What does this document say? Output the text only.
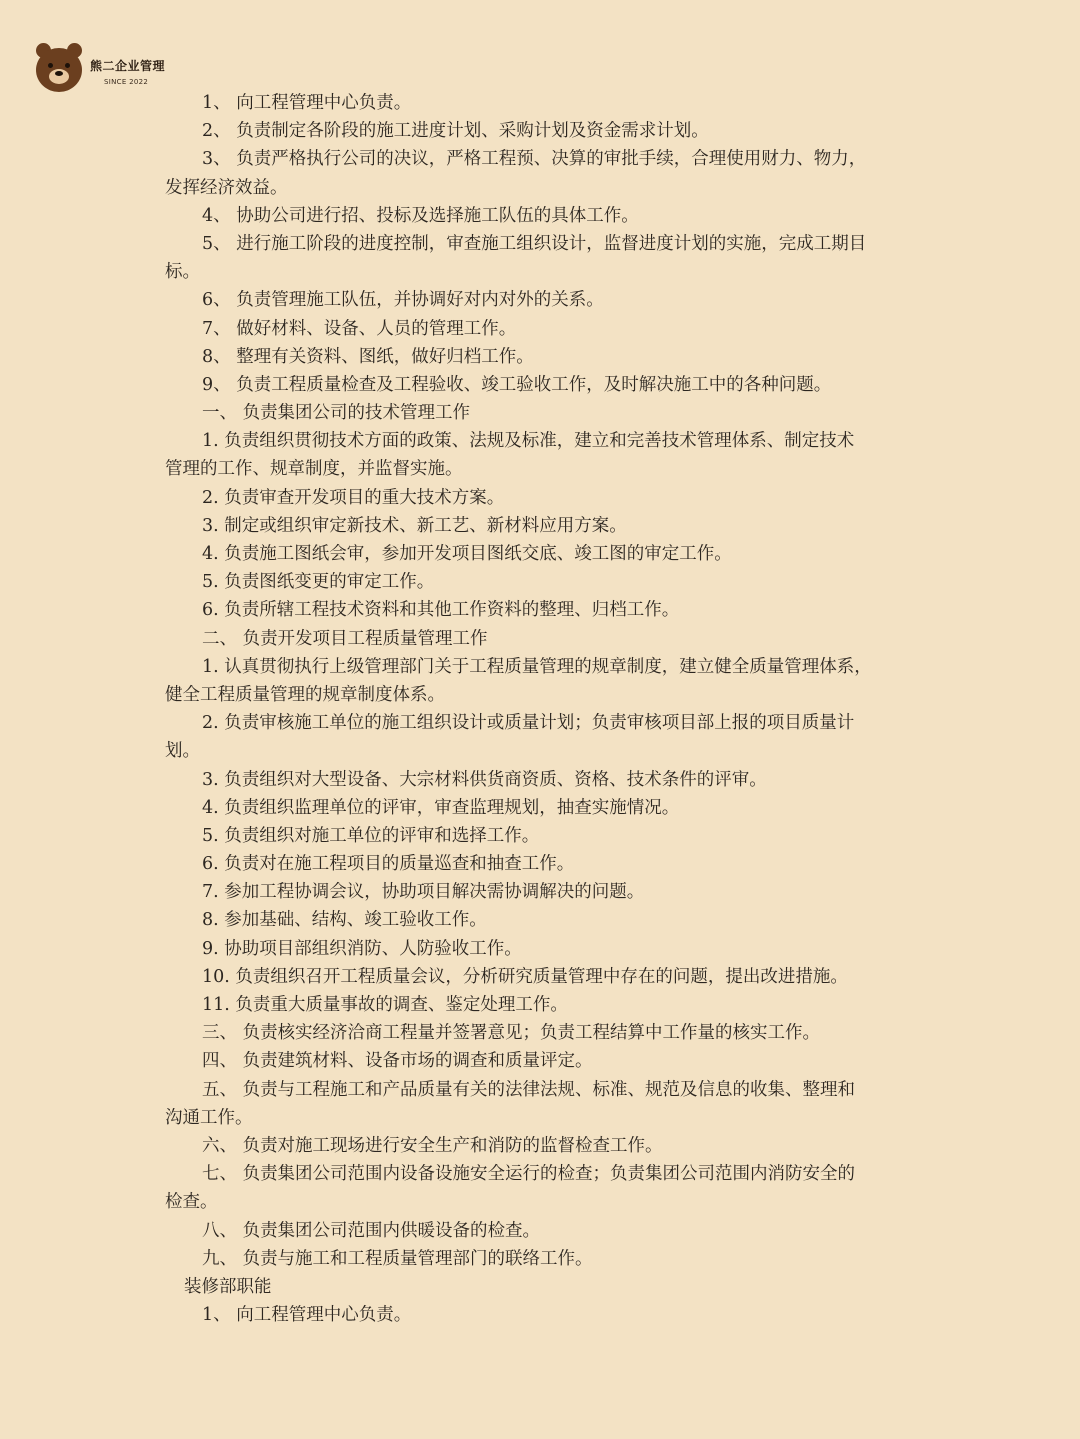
熊二企业管理
SINCE 2022
1、 向工程管理中心负责。
2、 负责制定各阶段的施工进度计划、采购计划及资金需求计划。
3、 负责严格执行公司的决议，严格工程预、决算的审批手续，合理使用财力、物力，
发挥经济效益。
4、 协助公司进行招、投标及选择施工队伍的具体工作。
5、 进行施工阶段的进度控制，审查施工组织设计，监督进度计划的实施，完成工期目
标。
6、 负责管理施工队伍，并协调好对内对外的关系。
7、 做好材料、设备、人员的管理工作。
8、 整理有关资料、图纸，做好归档工作。
9、 负责工程质量检查及工程验收、竣工验收工作，及时解决施工中的各种问题。
一、 负责集团公司的技术管理工作
1. 负责组织贯彻技术方面的政策、法规及标准，建立和完善技术管理体系、制定技术
管理的工作、规章制度，并监督实施。
2. 负责审查开发项目的重大技术方案。
3. 制定或组织审定新技术、新工艺、新材料应用方案。
4. 负责施工图纸会审，参加开发项目图纸交底、竣工图的审定工作。
5. 负责图纸变更的审定工作。
6. 负责所辖工程技术资料和其他工作资料的整理、归档工作。
二、 负责开发项目工程质量管理工作
1. 认真贯彻执行上级管理部门关于工程质量管理的规章制度，建立健全质量管理体系，
健全工程质量管理的规章制度体系。
2. 负责审核施工单位的施工组织设计或质量计划；负责审核项目部上报的项目质量计
划。
3. 负责组织对大型设备、大宗材料供货商资质、资格、技术条件的评审。
4. 负责组织监理单位的评审，审查监理规划，抽查实施情况。
5. 负责组织对施工单位的评审和选择工作。
6. 负责对在施工程项目的质量巡查和抽查工作。
7. 参加工程协调会议，协助项目解决需协调解决的问题。
8. 参加基础、结构、竣工验收工作。
9. 协助项目部组织消防、人防验收工作。
10. 负责组织召开工程质量会议，分析研究质量管理中存在的问题，提出改进措施。
11. 负责重大质量事故的调查、鉴定处理工作。
三、 负责核实经济洽商工程量并签署意见；负责工程结算中工作量的核实工作。
四、 负责建筑材料、设备市场的调查和质量评定。
五、 负责与工程施工和产品质量有关的法律法规、标准、规范及信息的收集、整理和
沟通工作。
六、 负责对施工现场进行安全生产和消防的监督检查工作。
七、 负责集团公司范围内设备设施安全运行的检查；负责集团公司范围内消防安全的
检查。
八、 负责集团公司范围内供暖设备的检查。
九、 负责与施工和工程质量管理部门的联络工作。
装修部职能
1、 向工程管理中心负责。
